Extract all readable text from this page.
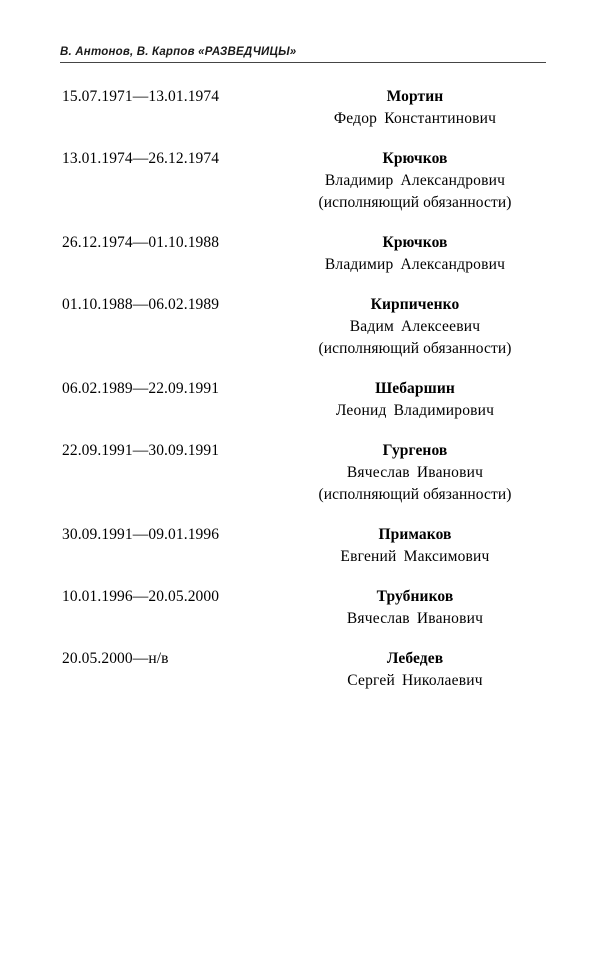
В. Антонов, В. Карпов «РАЗВЕДЧИЦЫ»
15.07.1971—13.01.1974	Мортин
Федор Константинович
13.01.1974—26.12.1974	Крючков
Владимир Александрович
(исполняющий обязанности)
26.12.1974—01.10.1988	Крючков
Владимир Александрович
01.10.1988—06.02.1989	Кирпиченко
Вадим Алексеевич
(исполняющий обязанности)
06.02.1989—22.09.1991	Шебаршин
Леонид Владимирович
22.09.1991—30.09.1991	Гургенов
Вячеслав Иванович
(исполняющий обязанности)
30.09.1991—09.01.1996	Примаков
Евгений Максимович
10.01.1996—20.05.2000	Трубников
Вячеслав Иванович
20.05.2000—н/в	Лебедев
Сергей Николаевич
